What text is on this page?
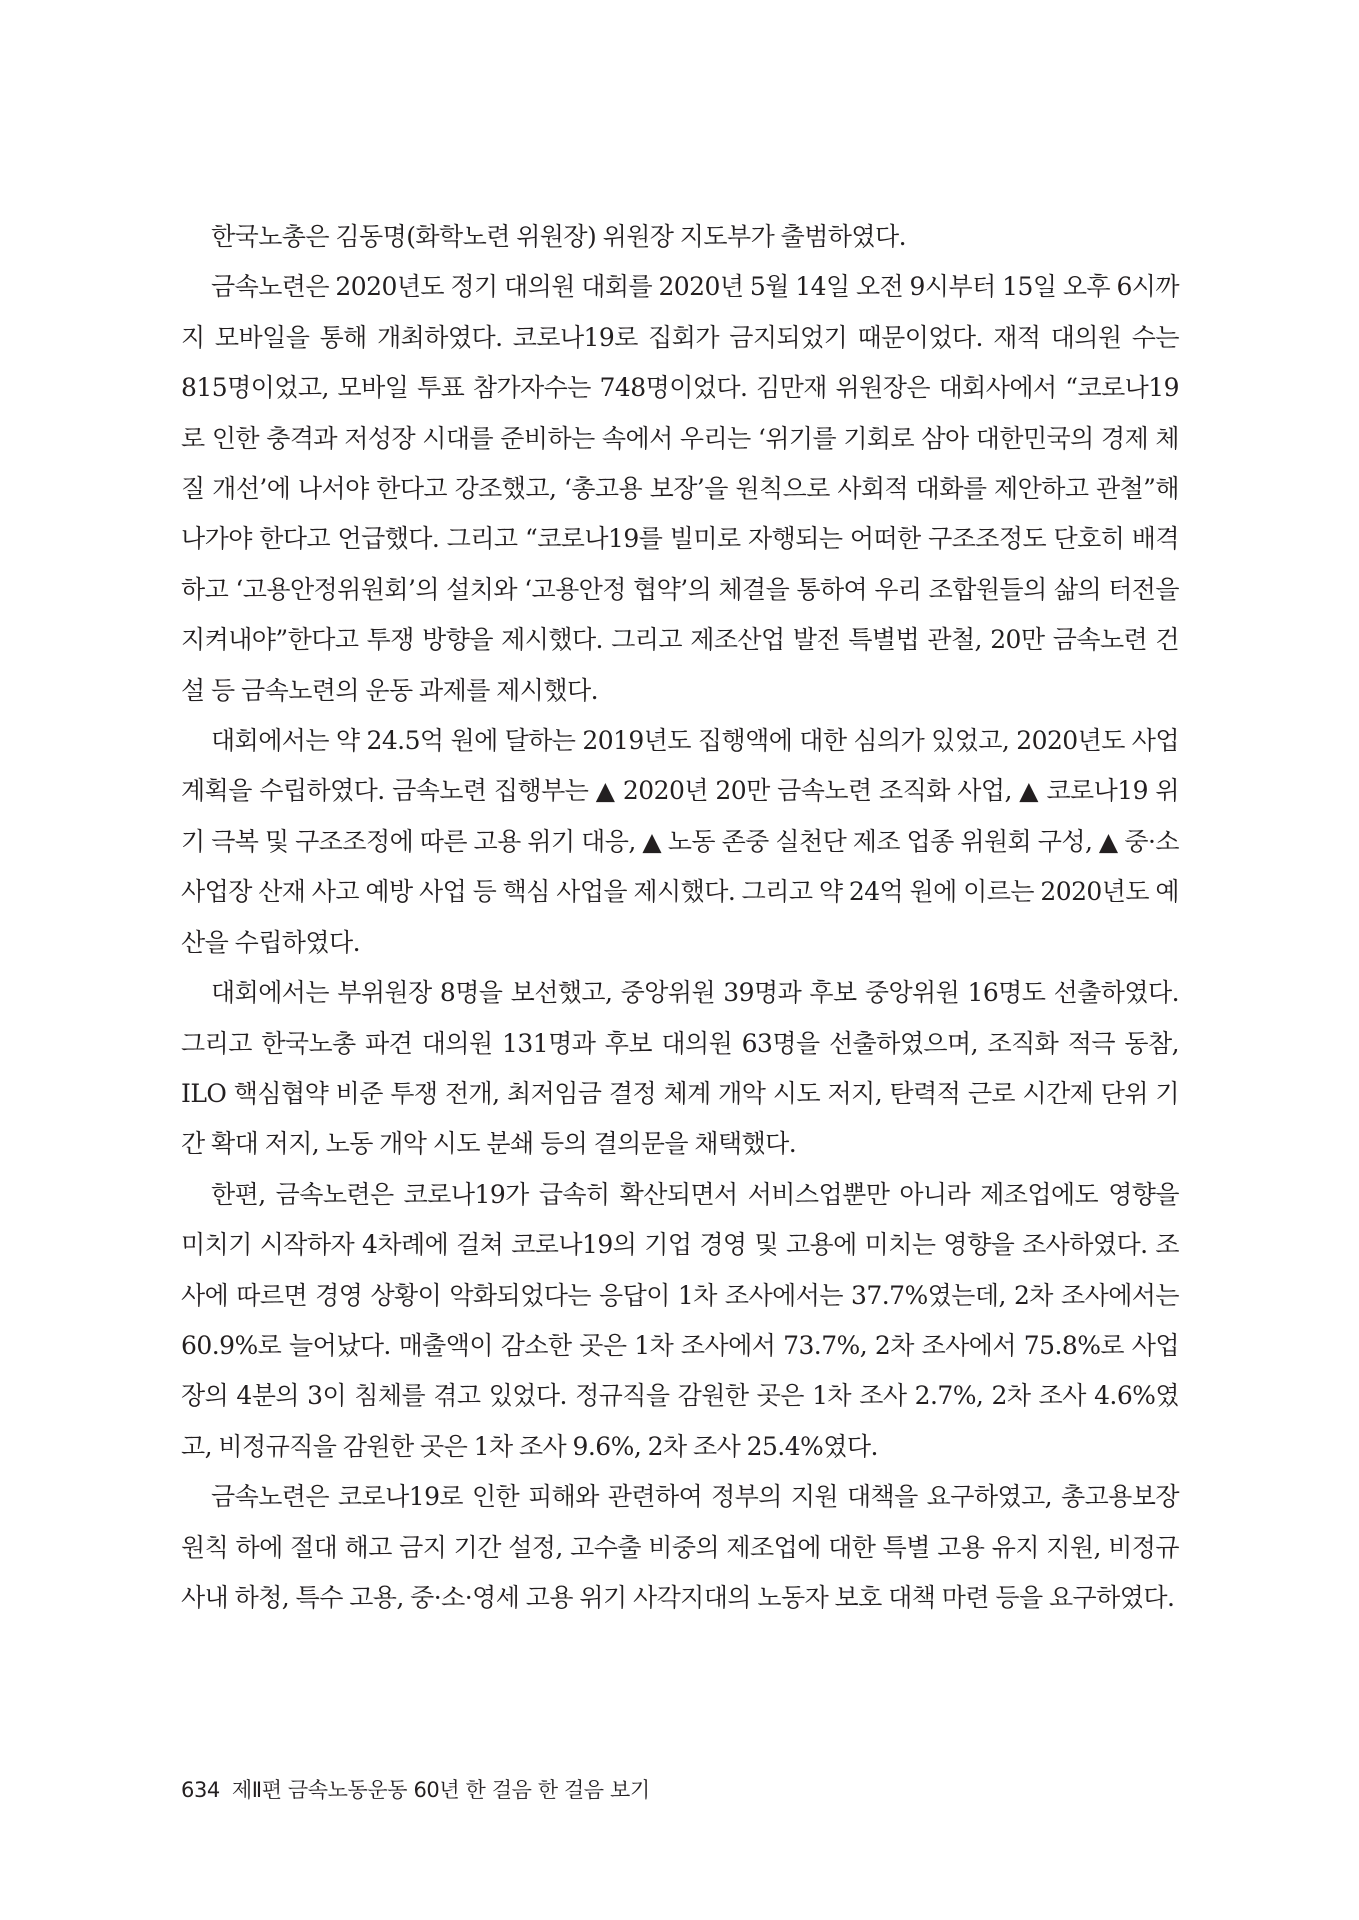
한국노총은 김동명(화학노련 위원장) 위원장 지도부가 출범하였다.

금속노련은 2020년도 정기 대의원 대회를 2020년 5월 14일 오전 9시부터 15일 오후 6시까지 모바일을 통해 개최하였다. 코로나19로 집회가 금지되었기 때문이었다. 재적 대의원 수는 815명이었고, 모바일 투표 참가자수는 748명이었다. 김만재 위원장은 대회사에서 “코로나19로 인한 충격과 저성장 시대를 준비하는 속에서 우리는 ‘위기를 기회로 삼아 대한민국의 경제 체질 개선’에 나서야 한다고 강조했고, ‘총고용 보장’을 원칙으로 사회적 대화를 제안하고 관철”해 나가야 한다고 언급했다. 그리고 “코로나19를 빌미로 자행되는 어떠한 구조조정도 단호히 배격하고 ‘고용안정위원회’의 설치와 ‘고용안정 협약’의 체결을 통하여 우리 조합원들의 삶의 터전을 지켜내야”한다고 투쟁 방향을 제시했다. 그리고 제조산업 발전 특별법 관철, 20만 금속노련 건설 등 금속노련의 운동 과제를 제시했다.

대회에서는 약 24.5억 원에 달하는 2019년도 집행액에 대한 심의가 있었고, 2020년도 사업 계획을 수립하였다. 금속노련 집행부는 ▲ 2020년 20만 금속노련 조직화 사업, ▲ 코로나19 위기 극복 및 구조조정에 따른 고용 위기 대응, ▲ 노동 존중 실천단 제조 업종 위원회 구성, ▲ 중·소 사업장 산재 사고 예방 사업 등 핵심 사업을 제시했다. 그리고 약 24억 원에 이르는 2020년도 예산을 수립하였다.

대회에서는 부위원장 8명을 보선했고, 중앙위원 39명과 후보 중앙위원 16명도 선출하였다. 그리고 한국노총 파견 대의원 131명과 후보 대의원 63명을 선출하였으며, 조직화 적극 동참, ILO 핵심협약 비준 투쟁 전개, 최저임금 결정 체계 개악 시도 저지, 탄력적 근로 시간제 단위 기간 확대 저지, 노동 개악 시도 분쇄 등의 결의문을 채택했다.

한편, 금속노련은 코로나19가 급속히 확산되면서 서비스업뿐만 아니라 제조업에도 영향을 미치기 시작하자 4차례에 걸쳐 코로나19의 기업 경영 및 고용에 미치는 영향을 조사하였다. 조사에 따르면 경영 상황이 악화되었다는 응답이 1차 조사에서는 37.7%였는데, 2차 조사에서는 60.9%로 늘어났다. 매출액이 감소한 곳은 1차 조사에서 73.7%, 2차 조사에서 75.8%로 사업장의 4분의 3이 침체를 겪고 있었다. 정규직을 감원한 곳은 1차 조사 2.7%, 2차 조사 4.6%였고, 비정규직을 감원한 곳은 1차 조사 9.6%, 2차 조사 25.4%였다.

금속노련은 코로나19로 인한 피해와 관련하여 정부의 지원 대책을 요구하였고, 총고용보장 원칙 하에 절대 해고 금지 기간 설정, 고수출 비중의 제조업에 대한 특별 고용 유지 지원, 비정규 사내 하청, 특수 고용, 중·소·영세 고용 위기 사각지대의 노동자 보호 대책 마련 등을 요구하였다.

634 제Ⅱ편 금속노동운동 60년 한 걸음 한 걸음 보기
